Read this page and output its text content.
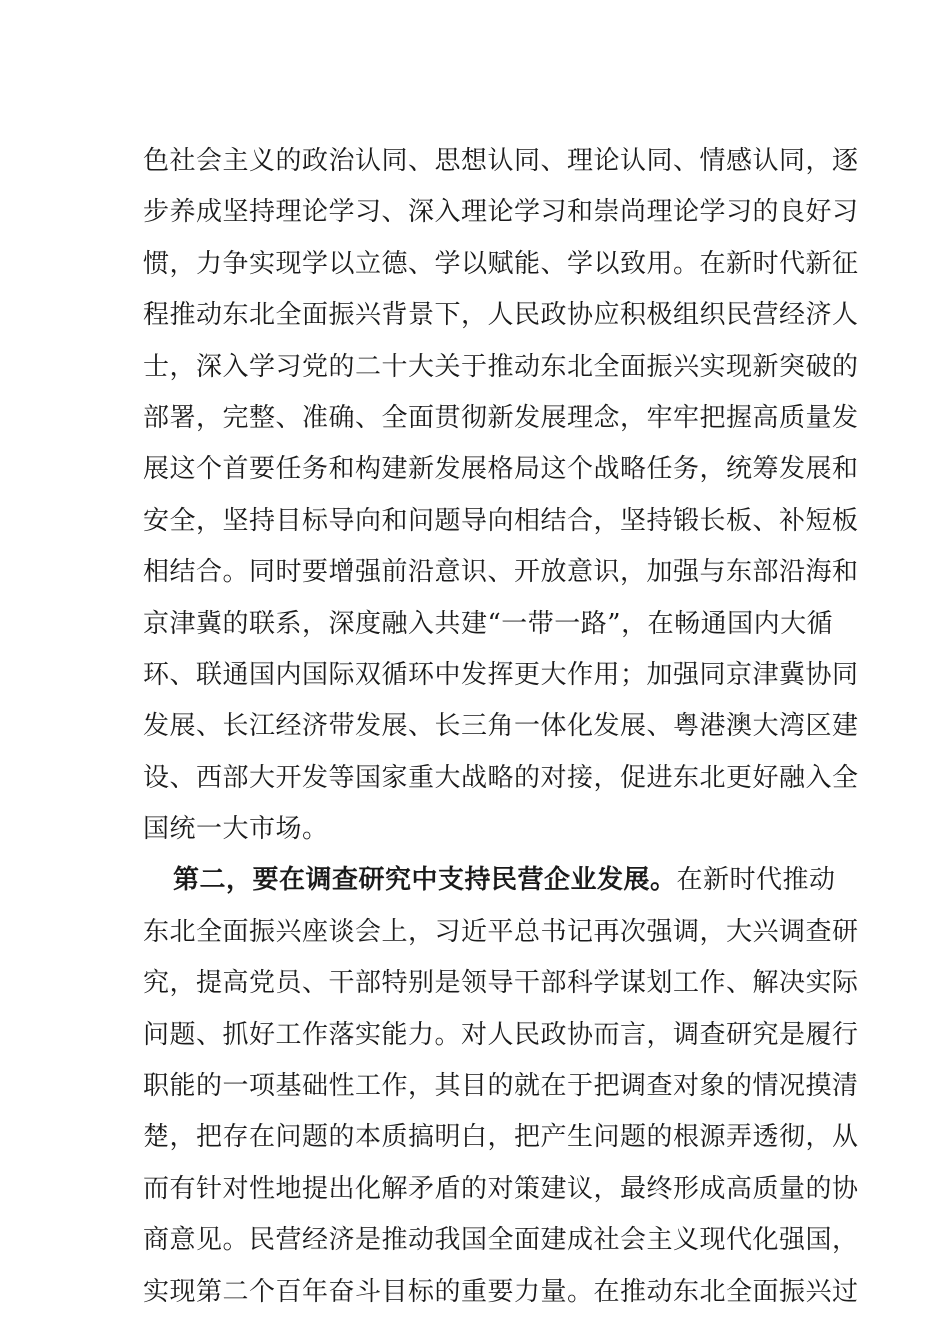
色社会主义的政治认同、思想认同、理论认同、情感认同，逐
步养成坚持理论学习、深入理论学习和崇尚理论学习的良好习
惯，力争实现学以立德、学以赋能、学以致用。在新时代新征
程推动东北全面振兴背景下，人民政协应积极组织民营经济人
士，深入学习党的二十大关于推动东北全面振兴实现新突破的
部署，完整、准确、全面贯彻新发展理念，牢牢把握高质量发
展这个首要任务和构建新发展格局这个战略任务，统筹发展和
安全，坚持目标导向和问题导向相结合，坚持锻长板、补短板
相结合。同时要增强前沿意识、开放意识，加强与东部沿海和
京津冀的联系，深度融入共建“一带一路”，在畅通国内大循
环、联通国内国际双循环中发挥更大作用；加强同京津冀协同
发展、长江经济带发展、长三角一体化发展、粤港澳大湾区建
设、西部大开发等国家重大战略的对接，促进东北更好融入全
国统一大市场。
第二，要在调查研究中支持民营企业发展。在新时代推动
东北全面振兴座谈会上，习近平总书记再次强调，大兴调查研
究，提高党员、干部特别是领导干部科学谋划工作、解决实际
问题、抓好工作落实能力。对人民政协而言，调查研究是履行
职能的一项基础性工作，其目的就在于把调查对象的情况摸清
楚，把存在问题的本质搞明白，把产生问题的根源弄透彻，从
而有针对性地提出化解矛盾的对策建议，最终形成高质量的协
商意见。民营经济是推动我国全面建成社会主义现代化强国，
实现第二个百年奋斗目标的重要力量。在推动东北全面振兴过
